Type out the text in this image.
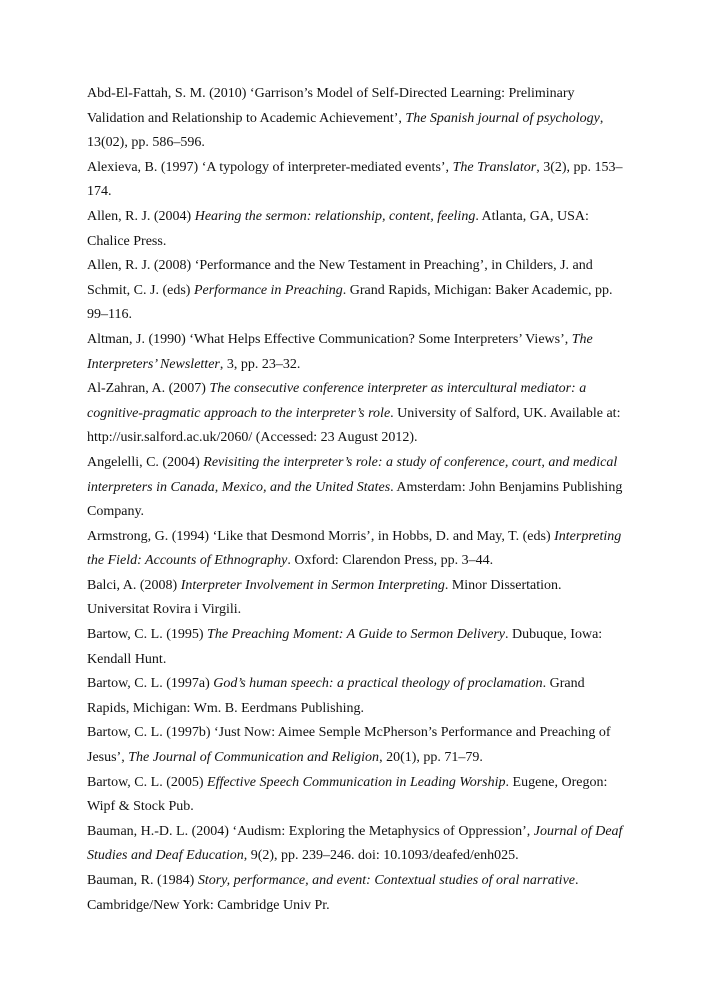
Abd-El-Fattah, S. M. (2010) ‘Garrison’s Model of Self-Directed Learning: Preliminary Validation and Relationship to Academic Achievement’, The Spanish journal of psychology, 13(02), pp. 586–596.

Alexieva, B. (1997) ‘A typology of interpreter-mediated events’, The Translator, 3(2), pp. 153–174.

Allen, R. J. (2004) Hearing the sermon: relationship, content, feeling. Atlanta, GA, USA: Chalice Press.

Allen, R. J. (2008) ‘Performance and the New Testament in Preaching’, in Childers, J. and Schmit, C. J. (eds) Performance in Preaching. Grand Rapids, Michigan: Baker Academic, pp. 99–116.

Altman, J. (1990) ‘What Helps Effective Communication? Some Interpreters’ Views’, The Interpreters’ Newsletter, 3, pp. 23–32.

Al-Zahran, A. (2007) The consecutive conference interpreter as intercultural mediator: a cognitive-pragmatic approach to the interpreter’s role. University of Salford, UK. Available at: http://usir.salford.ac.uk/2060/ (Accessed: 23 August 2012).

Angelelli, C. (2004) Revisiting the interpreter’s role: a study of conference, court, and medical interpreters in Canada, Mexico, and the United States. Amsterdam: John Benjamins Publishing Company.

Armstrong, G. (1994) ‘Like that Desmond Morris’, in Hobbs, D. and May, T. (eds) Interpreting the Field: Accounts of Ethnography. Oxford: Clarendon Press, pp. 3–44.

Balci, A. (2008) Interpreter Involvement in Sermon Interpreting. Minor Dissertation. Universitat Rovira i Virgili.

Bartow, C. L. (1995) The Preaching Moment: A Guide to Sermon Delivery. Dubuque, Iowa: Kendall Hunt.

Bartow, C. L. (1997a) God’s human speech: a practical theology of proclamation. Grand Rapids, Michigan: Wm. B. Eerdmans Publishing.

Bartow, C. L. (1997b) ‘Just Now: Aimee Semple McPherson’s Performance and Preaching of Jesus’, The Journal of Communication and Religion, 20(1), pp. 71–79.

Bartow, C. L. (2005) Effective Speech Communication in Leading Worship. Eugene, Oregon: Wipf & Stock Pub.

Bauman, H.-D. L. (2004) ‘Audism: Exploring the Metaphysics of Oppression’, Journal of Deaf Studies and Deaf Education, 9(2), pp. 239–246. doi: 10.1093/deafed/enh025.

Bauman, R. (1984) Story, performance, and event: Contextual studies of oral narrative. Cambridge/New York: Cambridge Univ Pr.
